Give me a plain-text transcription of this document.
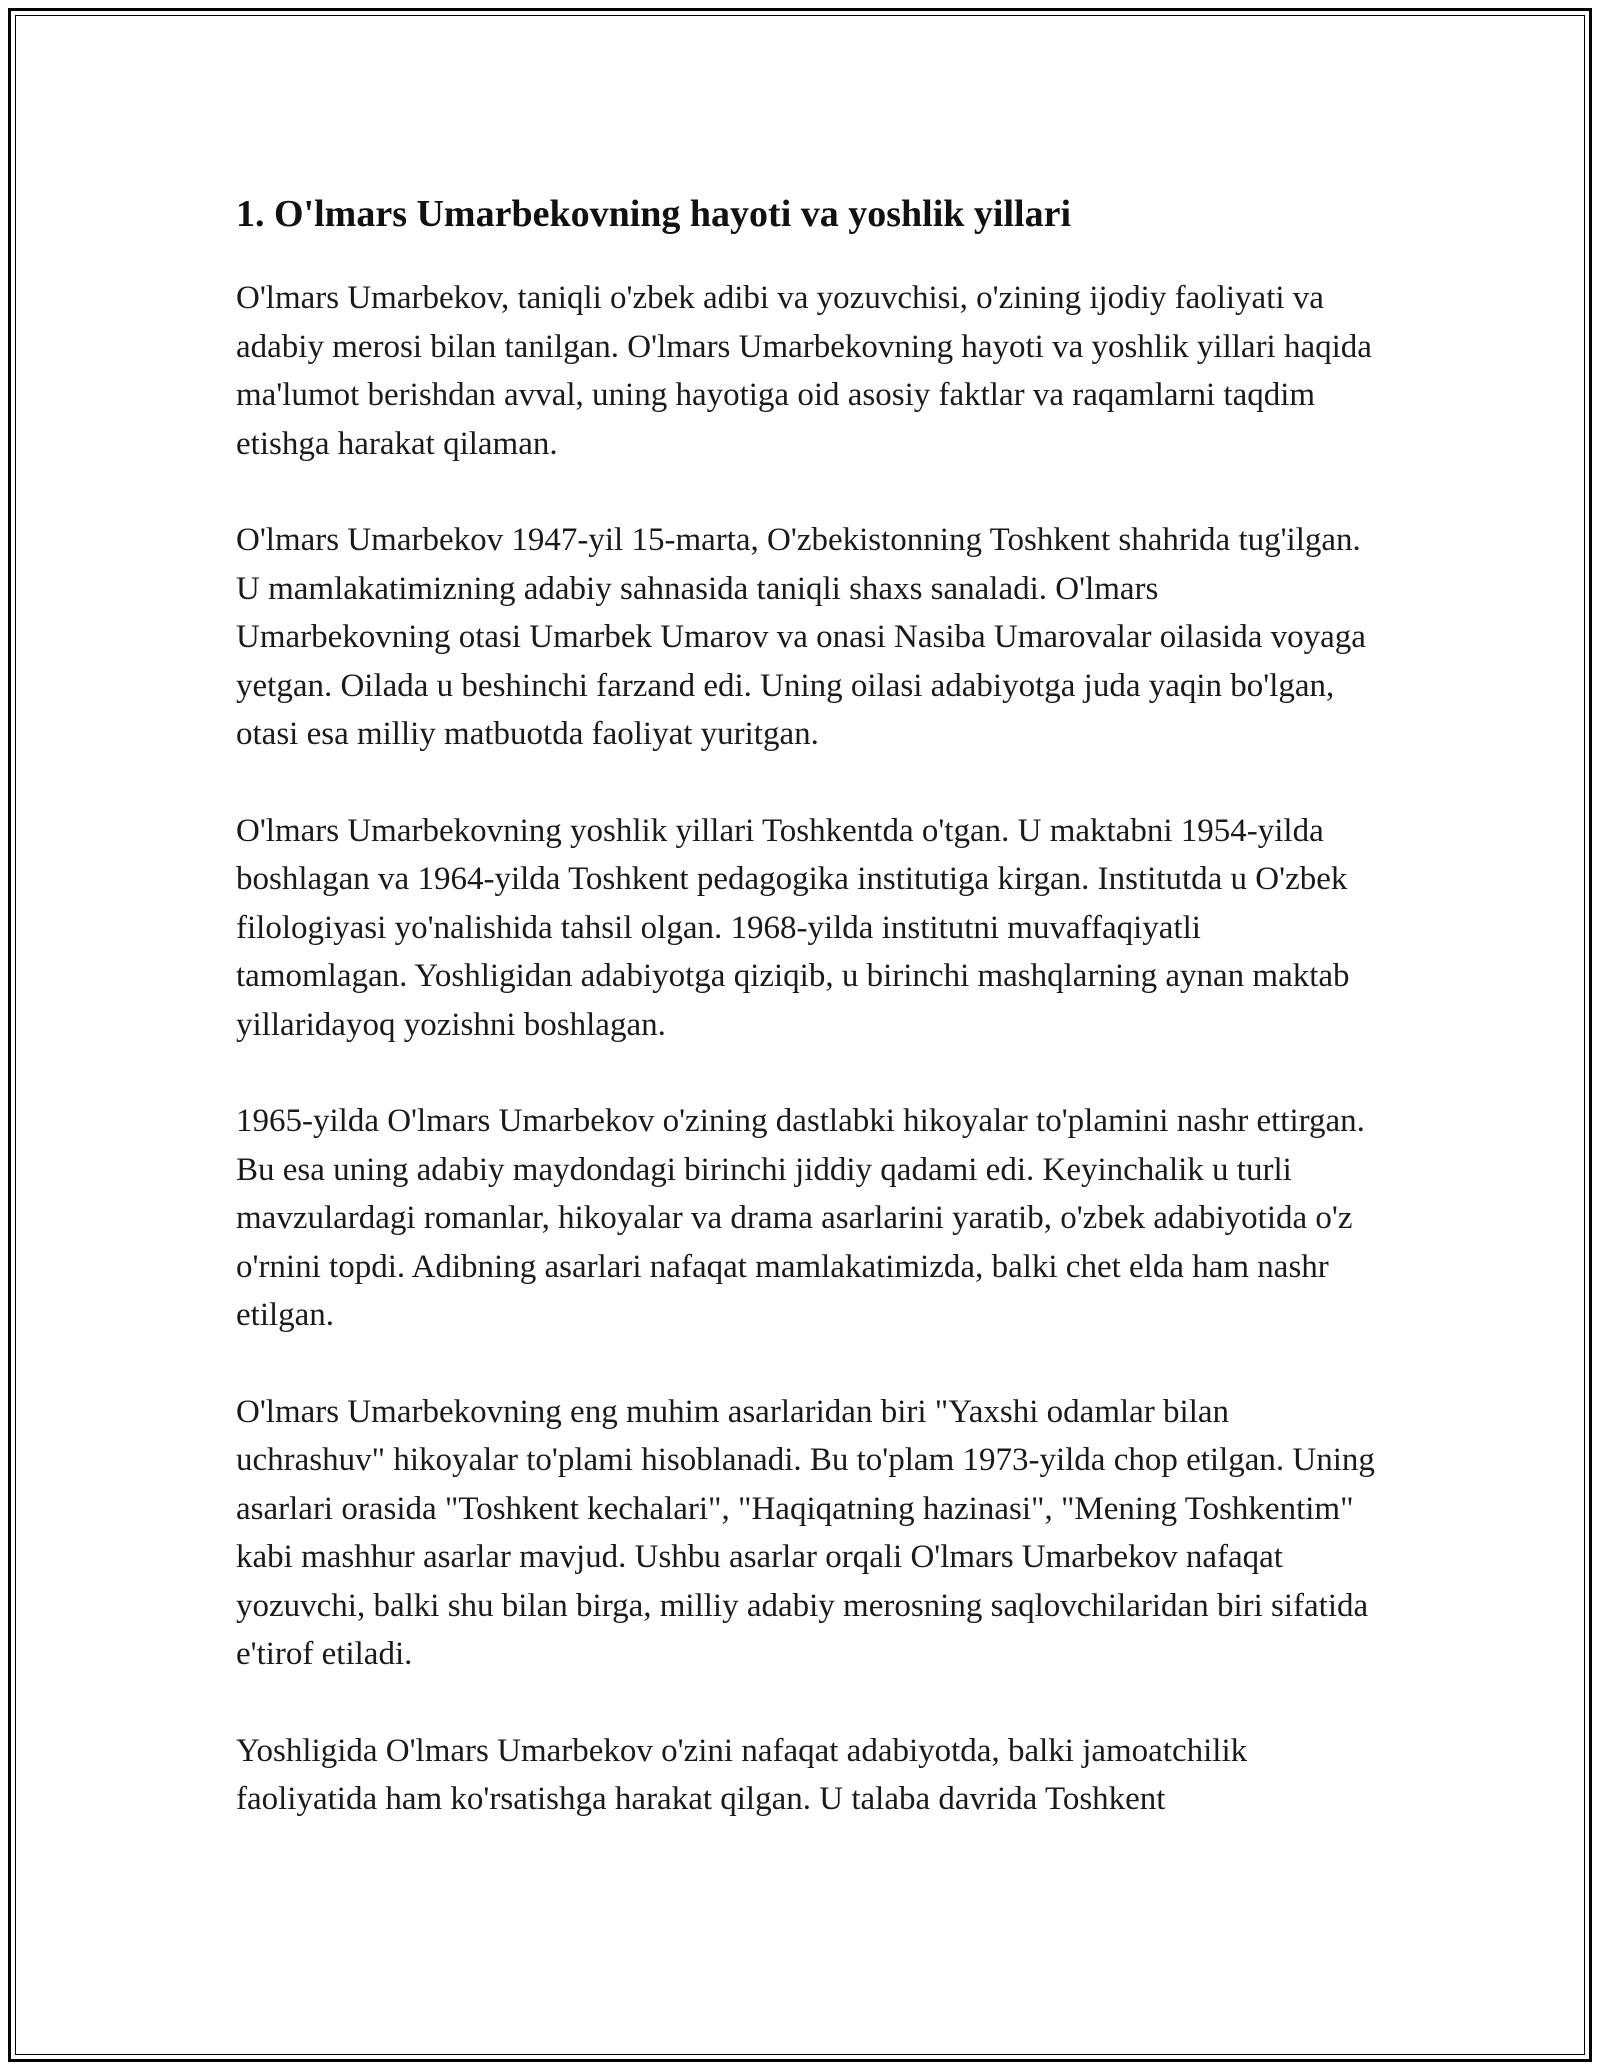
1. O'lmars Umarbekovning hayoti va yoshlik yillari

O'lmars Umarbekov, taniqli o'zbek adibi va yozuvchisi, o'zining ijodiy faoliyati va adabiy merosi bilan tanilgan. O'lmars Umarbekovning hayoti va yoshlik yillari haqida ma'lumot berishdan avval, uning hayotiga oid asosiy faktlar va raqamlarni taqdim etishga harakat qilaman.

O'lmars Umarbekov 1947-yil 15-marta, O'zbekistonning Toshkent shahrida tug'ilgan. U mamlakatimizning adabiy sahnasida taniqli shaxs sanaladi. O'lmars Umarbekovning otasi Umarbek Umarov va onasi Nasiba Umarovalar oilasida voyaga yetgan. Oilada u beshinchi farzand edi. Uning oilasi adabiyotga juda yaqin bo'lgan, otasi esa milliy matbuotda faoliyat yuritgan.

O'lmars Umarbekovning yoshlik yillari Toshkentda o'tgan. U maktabni 1954-yilda boshlagan va 1964-yilda Toshkent pedagogika institutiga kirgan. Institutda u O'zbek filologiyasi yo'nalishida tahsil olgan. 1968-yilda institutni muvaffaqiyatli tamomlagan. Yoshligidan adabiyotga qiziqib, u birinchi mashqlarning aynan maktab yillaridayoq yozishni boshlagan.

1965-yilda O'lmars Umarbekov o'zining dastlabki hikoyalar to'plamini nashr ettirgan. Bu esa uning adabiy maydondagi birinchi jiddiy qadami edi. Keyinchalik u turli mavzulardagi romanlar, hikoyalar va drama asarlarini yaratib, o'zbek adabiyotida o'z o'rnini topdi. Adibning asarlari nafaqat mamlakatimizda, balki chet elda ham nashr etilgan.

O'lmars Umarbekovning eng muhim asarlaridan biri "Yaxshi odamlar bilan uchrashuv" hikoyalar to'plami hisoblanadi. Bu to'plam 1973-yilda chop etilgan. Uning asarlari orasida "Toshkent kechalari", "Haqiqatning hazinasi", "Mening Toshkentim" kabi mashhur asarlar mavjud. Ushbu asarlar orqali O'lmars Umarbekov nafaqat yozuvchi, balki shu bilan birga, milliy adabiy merosning saqlovchilaridan biri sifatida e'tirof etiladi.

Yoshligida O'lmars Umarbekov o'zini nafaqat adabiyotda, balki jamoatchilik faoliyatida ham ko'rsatishga harakat qilgan. U talaba davrida Toshkent
